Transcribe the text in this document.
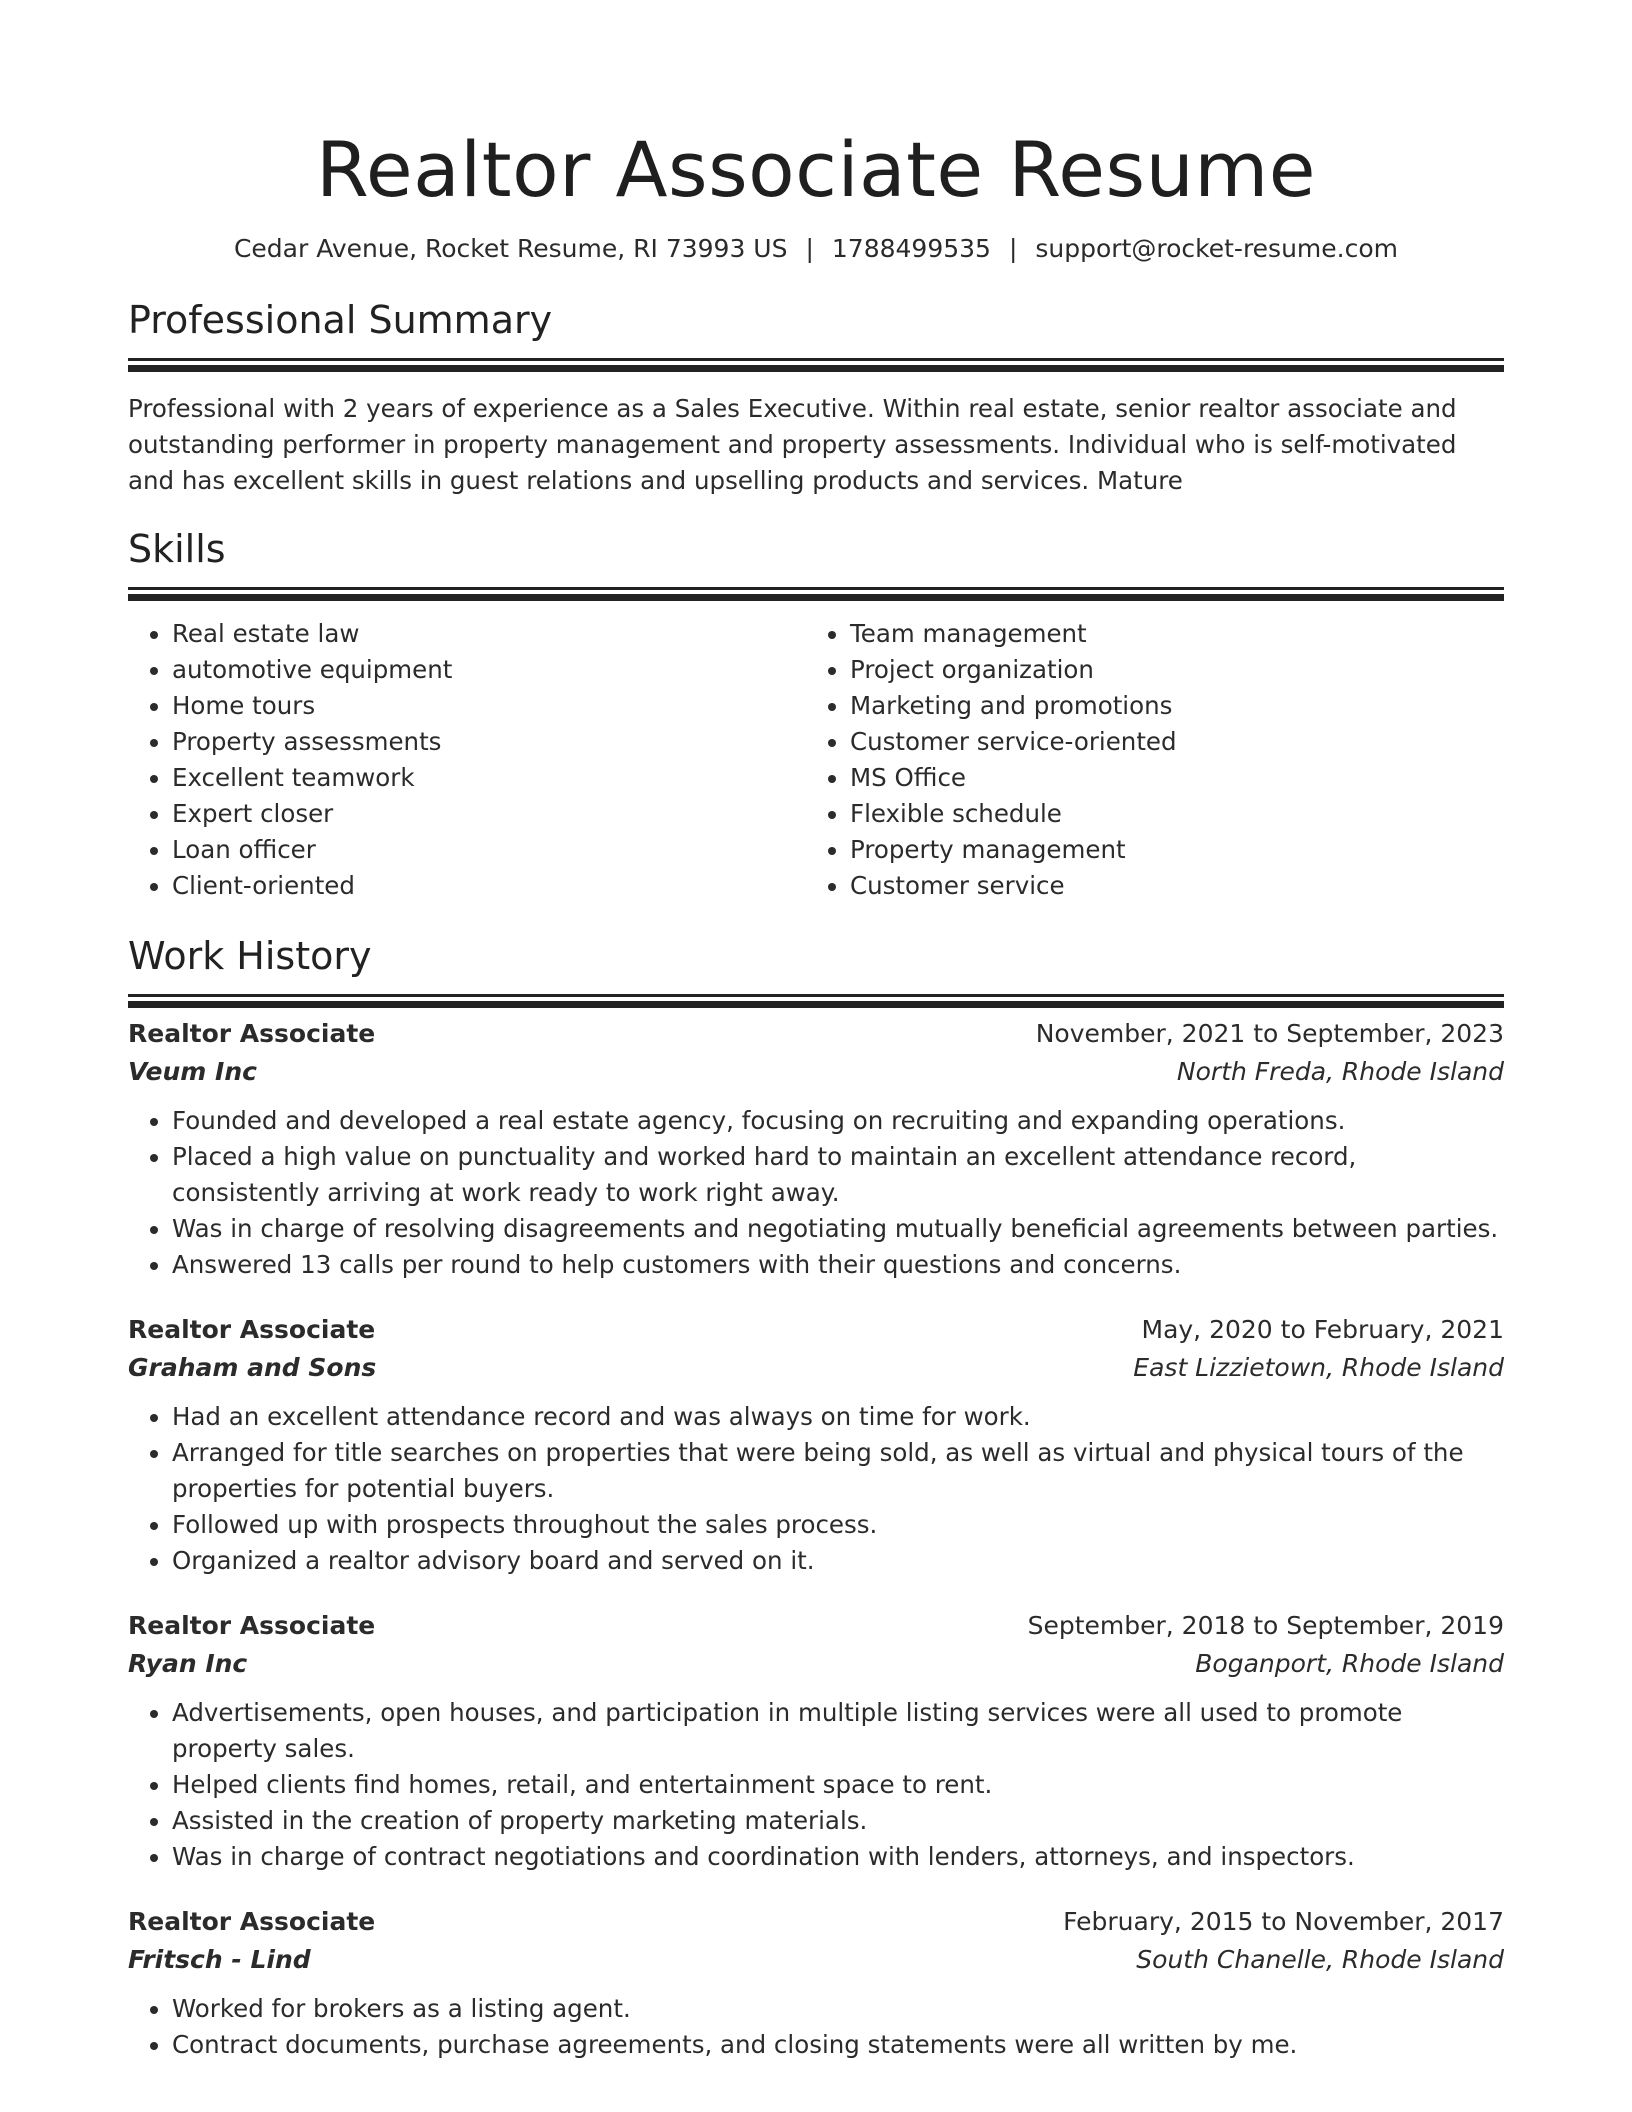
Realtor Associate Resume
Cedar Avenue, Rocket Resume, RI 73993 US | 1788499535 | support@rocket-resume.com
Professional Summary

Professional with 2 years of experience as a Sales Executive. Within real estate, senior realtor associate and outstanding performer in property management and property assessments. Individual who is self-motivated and has excellent skills in guest relations and upselling products and services. Mature

Skills
• Real estate law
• automotive equipment
• Home tours
• Property assessments
• Excellent teamwork
• Expert closer
• Loan officer
• Client-oriented
• Team management
• Project organization
• Marketing and promotions
• Customer service-oriented
• MS Office
• Flexible schedule
• Property management
• Customer service
Work History
Realtor Associate	November, 2021 to September, 2023
Veum Inc	North Freda, Rhode Island
• Founded and developed a real estate agency, focusing on recruiting and expanding operations.
• Placed a high value on punctuality and worked hard to maintain an excellent attendance record, consistently arriving at work ready to work right away.
• Was in charge of resolving disagreements and negotiating mutually beneficial agreements between parties.
• Answered 13 calls per round to help customers with their questions and concerns.
Realtor Associate	May, 2020 to February, 2021
Graham and Sons	East Lizzietown, Rhode Island
• Had an excellent attendance record and was always on time for work.
• Arranged for title searches on properties that were being sold, as well as virtual and physical tours of the properties for potential buyers.
• Followed up with prospects throughout the sales process.
• Organized a realtor advisory board and served on it.
Realtor Associate	September, 2018 to September, 2019
Ryan Inc	Boganport, Rhode Island
• Advertisements, open houses, and participation in multiple listing services were all used to promote property sales.
• Helped clients find homes, retail, and entertainment space to rent.
• Assisted in the creation of property marketing materials.
• Was in charge of contract negotiations and coordination with lenders, attorneys, and inspectors.
Realtor Associate	February, 2015 to November, 2017
Fritsch - Lind	South Chanelle, Rhode Island
• Worked for brokers as a listing agent.
• Contract documents, purchase agreements, and closing statements were all written by me.
